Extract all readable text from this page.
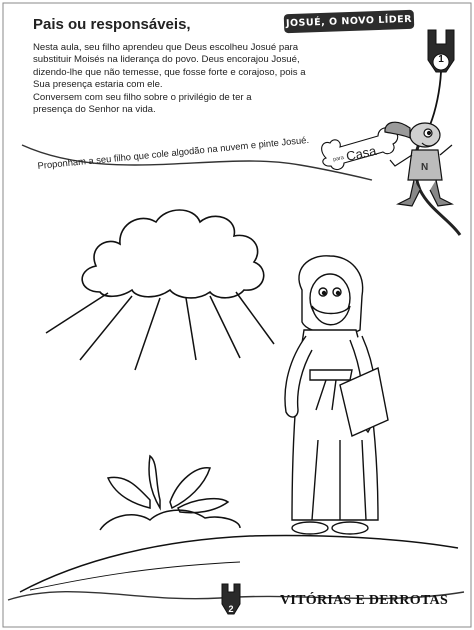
N
Pais ou responsáveis,	JOSUÉ, O NOVO LÍDER

Nesta aula, seu filho aprendeu que Deus escolheu Josué para

substituir Moisés na liderança do povo. Deus encorajou Josué,

dizendo-lhe que não temesse, que fosse forte e corajoso, pois a

Sua presença estaria com ele.

Conversem com seu filho sobre o privilégio de ter a

presença do Senhor na vida.

1
para Casa
Proponham a seu filho que cole algodão na nuvem e pinte Josué.
2
VITÓRIAS E DERROTAS
